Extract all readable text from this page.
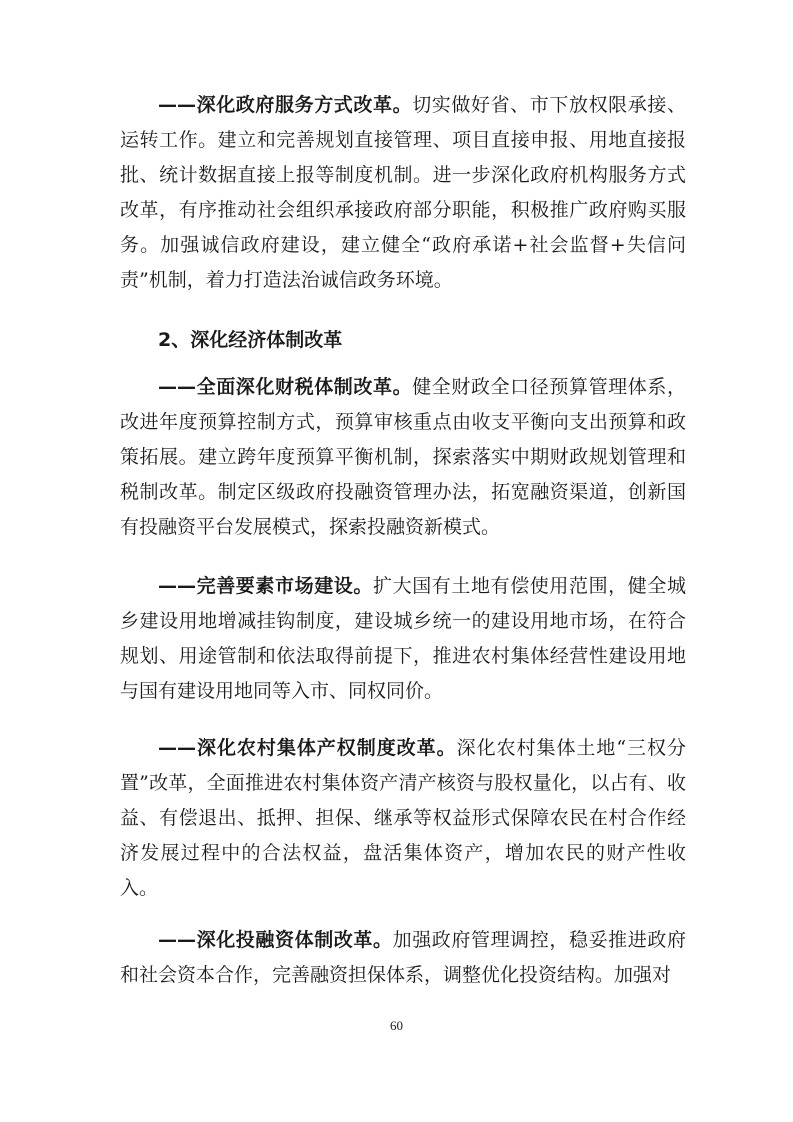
——深化政府服务方式改革。切实做好省、市下放权限承接、运转工作。建立和完善规划直接管理、项目直接申报、用地直接报批、统计数据直接上报等制度机制。进一步深化政府机构服务方式改革，有序推动社会组织承接政府部分职能，积极推广政府购买服务。加强诚信政府建设，建立健全“政府承诺+社会监督+失信问责”机制，着力打造法治诚信政务环境。

2、深化经济体制改革

——全面深化财税体制改革。健全财政全口径预算管理体系，改进年度预算控制方式，预算审核重点由收支平衡向支出预算和政策拓展。建立跨年度预算平衡机制，探索落实中期财政规划管理和税制改革。制定区级政府投融资管理办法，拓宽融资渠道，创新国有投融资平台发展模式，探索投融资新模式。

——完善要素市场建设。扩大国有土地有偿使用范围，健全城乡建设用地增减挂钩制度，建设城乡统一的建设用地市场，在符合规划、用途管制和依法取得前提下，推进农村集体经营性建设用地与国有建设用地同等入市、同权同价。

——深化农村集体产权制度改革。深化农村集体土地“三权分置”改革，全面推进农村集体资产清产核资与股权量化，以占有、收益、有偿退出、抵押、担保、继承等权益形式保障农民在村合作经济发展过程中的合法权益，盘活集体资产，增加农民的财产性收入。

——深化投融资体制改革。加强政府管理调控，稳妥推进政府和社会资本合作，完善融资担保体系，调整优化投资结构。加强对

60
